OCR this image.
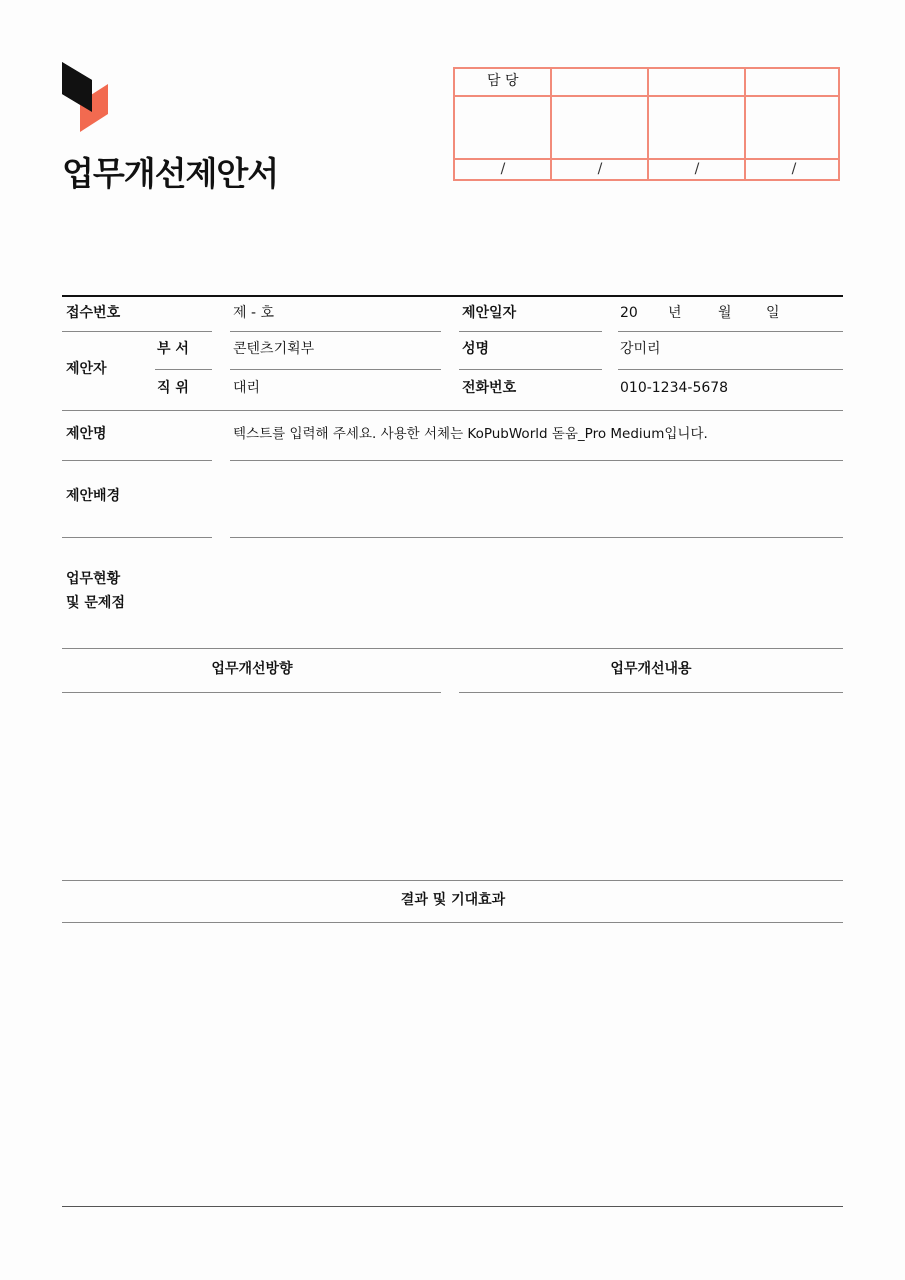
업무개선제안서
담 당
/	/	/	/
접수번호	제 - 호	제안일자	20 년	월 일
제안자
부 서	콘텐츠기획부	성명	강미리
직 위	대리	전화번호	010-1234-5678
제안명	텍스트를 입력해 주세요. 사용한 서체는 KoPubWorld 돋움_Pro Medium입니다.
제안배경
업무현황
및 문제점
업무개선방향	업무개선내용
결과 및 기대효과
